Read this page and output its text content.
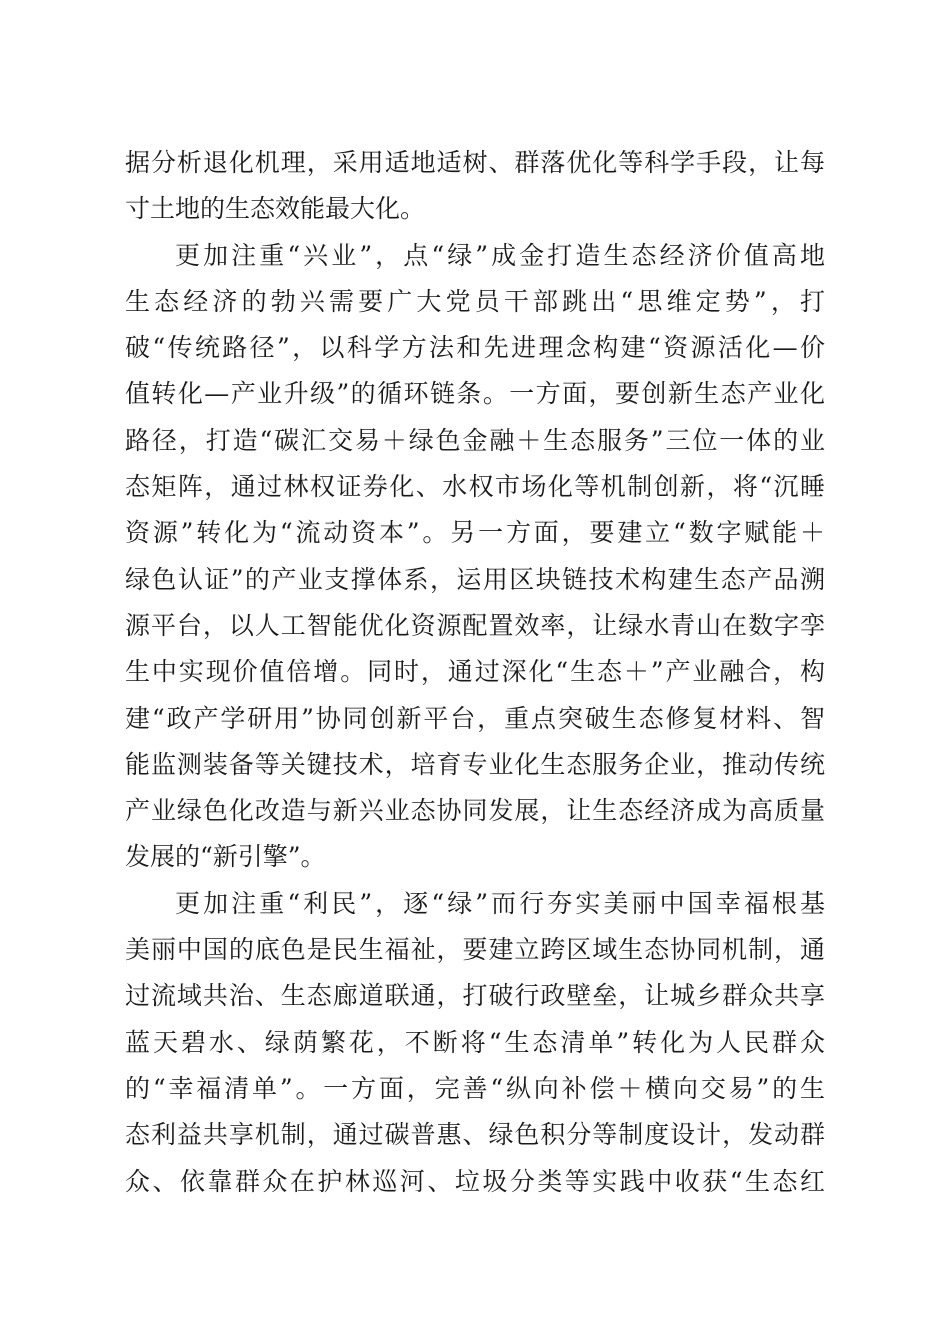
据分析退化机理，采用适地适树、群落优化等科学手段，让每
寸土地的生态效能最大化。
更加注重“兴业”，点“绿”成金打造生态经济价值高地
生态经济的勃兴需要广大党员干部跳出“思维定势”，打
破“传统路径”，以科学方法和先进理念构建“资源活化—价
值转化—产业升级”的循环链条。一方面，要创新生态产业化
路径，打造“碳汇交易＋绿色金融＋生态服务”三位一体的业
态矩阵，通过林权证券化、水权市场化等机制创新，将“沉睡
资源”转化为“流动资本”。另一方面，要建立“数字赋能＋
绿色认证”的产业支撑体系，运用区块链技术构建生态产品溯
源平台，以人工智能优化资源配置效率，让绿水青山在数字孪
生中实现价值倍增。同时，通过深化“生态＋”产业融合，构
建“政产学研用”协同创新平台，重点突破生态修复材料、智
能监测装备等关键技术，培育专业化生态服务企业，推动传统
产业绿色化改造与新兴业态协同发展，让生态经济成为高质量
发展的“新引擎”。
更加注重“利民”，逐“绿”而行夯实美丽中国幸福根基
美丽中国的底色是民生福祉，要建立跨区域生态协同机制，通
过流域共治、生态廊道联通，打破行政壁垒，让城乡群众共享
蓝天碧水、绿荫繁花，不断将“生态清单”转化为人民群众
的“幸福清单”。一方面，完善“纵向补偿＋横向交易”的生
态利益共享机制，通过碳普惠、绿色积分等制度设计，发动群
众、依靠群众在护林巡河、垃圾分类等实践中收获“生态红
